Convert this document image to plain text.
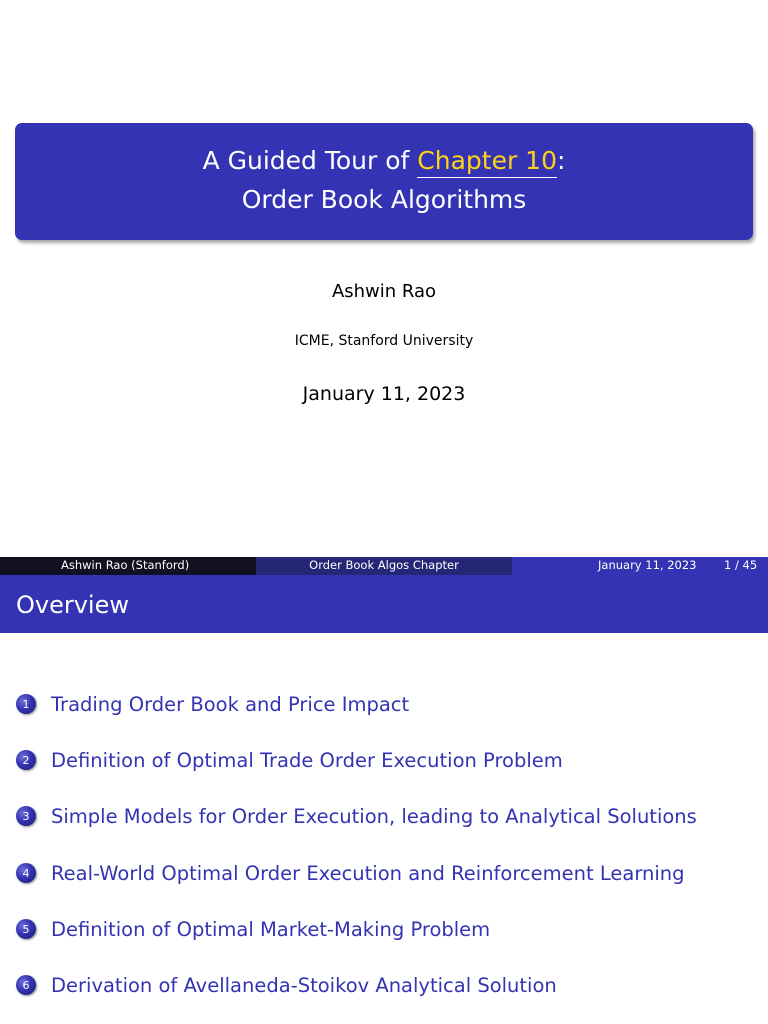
A Guided Tour of Chapter 10:
Order Book Algorithms
Ashwin Rao
ICME, Stanford University
January 11, 2023
Ashwin Rao (Stanford)	Order Book Algos Chapter	January 11, 2023 1 / 45
Overview
1	Trading Order Book and Price Impact
2	Definition of Optimal Trade Order Execution Problem
3	Simple Models for Order Execution, leading to Analytical Solutions
4	Real-World Optimal Order Execution and Reinforcement Learning
5	Definition of Optimal Market-Making Problem
6	Derivation of Avellaneda-Stoikov Analytical Solution
